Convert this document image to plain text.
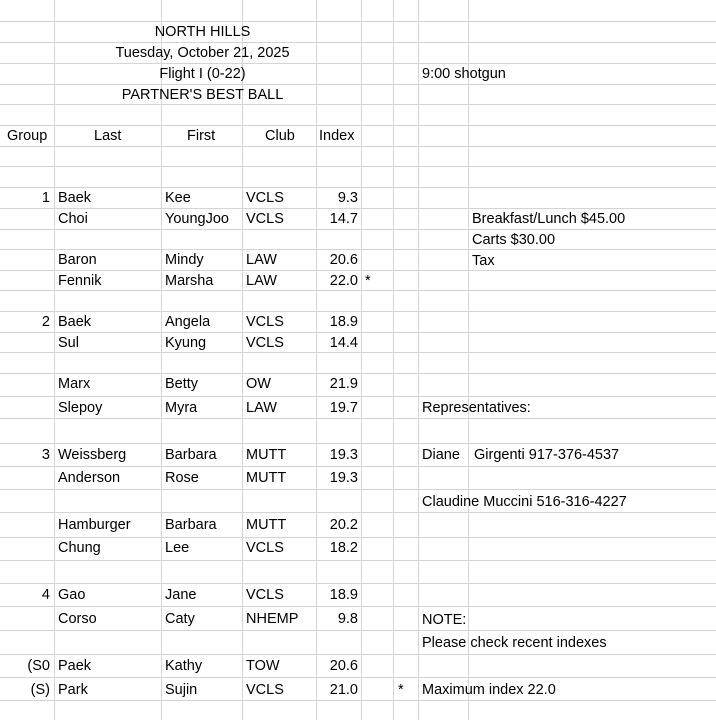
NORTH HILLS
Tuesday, October 21, 2025
Flight I (0-22)
PARTNER'S BEST BALL
9:00 shotgun
Group	Last	First	Club Index
1 Baek	Kee	VCLS	9.3
Choi	YoungJoo	VCLS	14.7
Baron	Mindy	LAW	20.6
Fennik	Marsha	LAW	22.0 *
2 Baek	Angela	VCLS	18.9
Sul	Kyung	VCLS	14.4
Marx	Betty	OW	21.9
Slepoy	Myra	LAW	19.7
3 Weissberg	Barbara	MUTT	19.3
Anderson	Rose	MUTT	19.3
Hamburger	Barbara	MUTT	20.2
Chung	Lee	VCLS	18.2
4 Gao	Jane	VCLS	18.9
Corso	Caty	NHEMP	9.8
(S0 Paek	Kathy	TOW	20.6
(S) Park	Sujin	VCLS	21.0
Breakfast/Lunch $45.00
Carts $30.00
Tax
Representatives:
Diane Girgenti 917-376-4537
Claudine Muccini 516-316-4227
NOTE:
Please check recent indexes
* Maximum index 22.0
